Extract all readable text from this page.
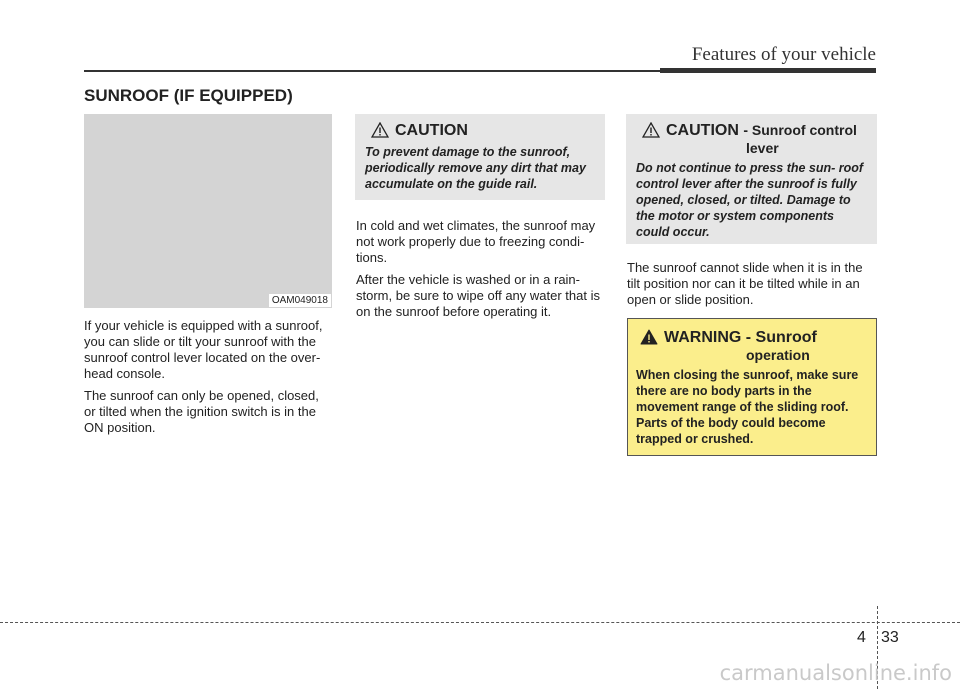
Features of your vehicle
SUNROOF (IF EQUIPPED)
OAM049018

If your vehicle is equipped with a sunroof, you can slide or tilt your sunroof with the sunroof control lever located on the over- head console.

The sunroof can only be opened, closed, or tilted when the ignition switch is in the ON position.

CAUTION
To prevent damage to the sunroof, periodically remove any dirt that may accumulate on the guide rail.

In cold and wet climates, the sunroof may not work properly due to freezing condi- tions.

After the vehicle is washed or in a rain- storm, be sure to wipe off any water that is on the sunroof before operating it.

CAUTION - Sunroof control
lever
Do not continue to press the sun- roof control lever after the sunroof is fully opened, closed, or tilted. Damage to the motor or system components could occur.

The sunroof cannot slide when it is in the tilt position nor can it be tilted while in an open or slide position.

WARNING - Sunroof
operation
When closing the sunroof, make sure there are no body parts in the movement range of the sliding roof. Parts of the body could become trapped or crushed.
4 33
carmanualsonline.info
